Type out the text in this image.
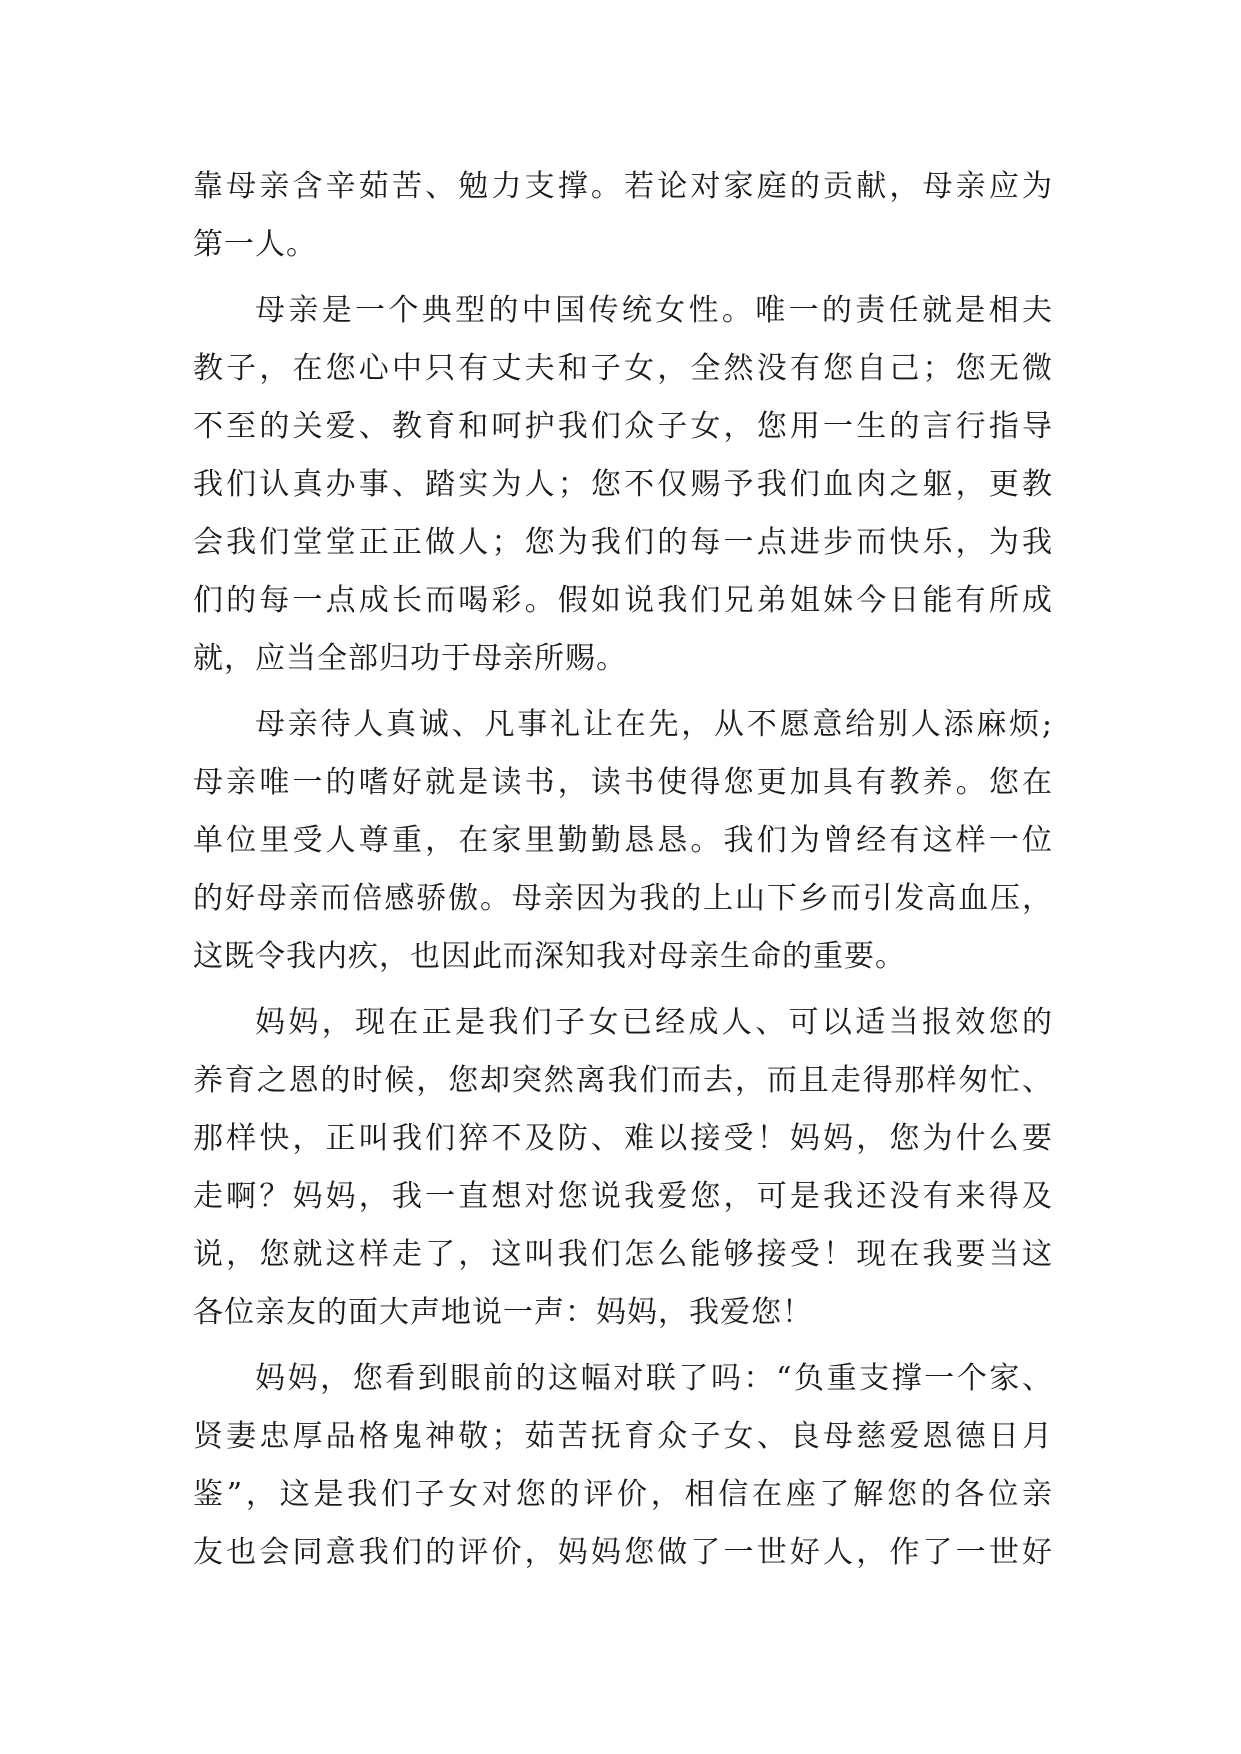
靠母亲含辛茹苦、勉力支撑。若论对家庭的贡献，母亲应为
第一人。
母亲是一个典型的中国传统女性。唯一的责任就是相夫
教子，在您心中只有丈夫和子女，全然没有您自己；您无微
不至的关爱、教育和呵护我们众子女，您用一生的言行指导
我们认真办事、踏实为人；您不仅赐予我们血肉之躯，更教
会我们堂堂正正做人；您为我们的每一点进步而快乐，为我
们的每一点成长而喝彩。假如说我们兄弟姐妹今日能有所成
就，应当全部归功于母亲所赐。
母亲待人真诚、凡事礼让在先，从不愿意给别人添麻烦;
母亲唯一的嗜好就是读书，读书使得您更加具有教养。您在
单位里受人尊重，在家里勤勤恳恳。我们为曾经有这样一位
的好母亲而倍感骄傲。母亲因为我的上山下乡而引发高血压，
这既令我内疚，也因此而深知我对母亲生命的重要。
妈妈，现在正是我们子女已经成人、可以适当报效您的
养育之恩的时候，您却突然离我们而去，而且走得那样匆忙、
那样快，正叫我们猝不及防、难以接受！妈妈，您为什么要
走啊？妈妈，我一直想对您说我爱您，可是我还没有来得及
说，您就这样走了，这叫我们怎么能够接受！现在我要当这
各位亲友的面大声地说一声：妈妈，我爱您！
妈妈，您看到眼前的这幅对联了吗：“负重支撑一个家、
贤妻忠厚品格鬼神敬；茹苦抚育众子女、良母慈爱恩德日月
鉴”，这是我们子女对您的评价，相信在座了解您的各位亲
友也会同意我们的评价，妈妈您做了一世好人，作了一世好
